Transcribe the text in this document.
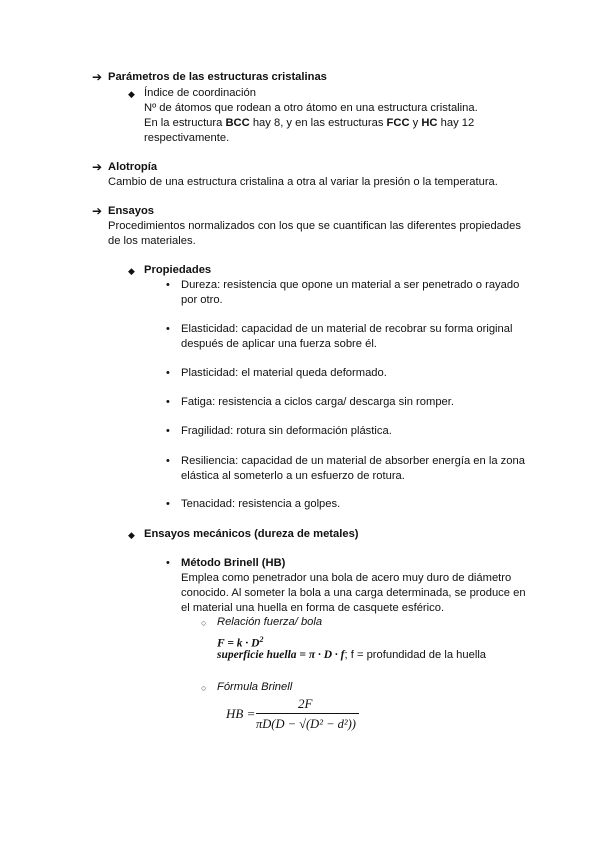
➔ Parámetros de las estructuras cristalinas
◆ Índice de coordinación
Nº de átomos que rodean a otro átomo en una estructura cristalina.
En la estructura BCC hay 8, y en las estructuras FCC y HC hay 12
respectivamente.
➔ Alotropía
Cambio de una estructura cristalina a otra al variar la presión o la temperatura.
➔ Ensayos
Procedimientos normalizados con los que se cuantifican las diferentes propiedades
de los materiales.
◆ Propiedades
• Dureza: resistencia que opone un material a ser penetrado o rayado
por otro.
• Elasticidad: capacidad de un material de recobrar su forma original
después de aplicar una fuerza sobre él.
• Plasticidad: el material queda deformado.
• Fatiga: resistencia a ciclos carga/ descarga sin romper.
• Fragilidad: rotura sin deformación plástica.
• Resiliencia: capacidad de un material de absorber energía en la zona
elástica al someterlo a un esfuerzo de rotura.
• Tenacidad: resistencia a golpes.
◆ Ensayos mecánicos (dureza de metales)
• Método Brinell (HB)
Emplea como penetrador una bola de acero muy duro de diámetro
conocido. Al someter la bola a una carga determinada, se produce en
el material una huella en forma de casquete esférico.
○ Relación fuerza/ bola
$F = k \cdot D^2$
superficie huella = π · D · f; f = profundidad de la huella
○ Fórmula Brinell
HB =
2F
πD(D − √(D² − d²))
